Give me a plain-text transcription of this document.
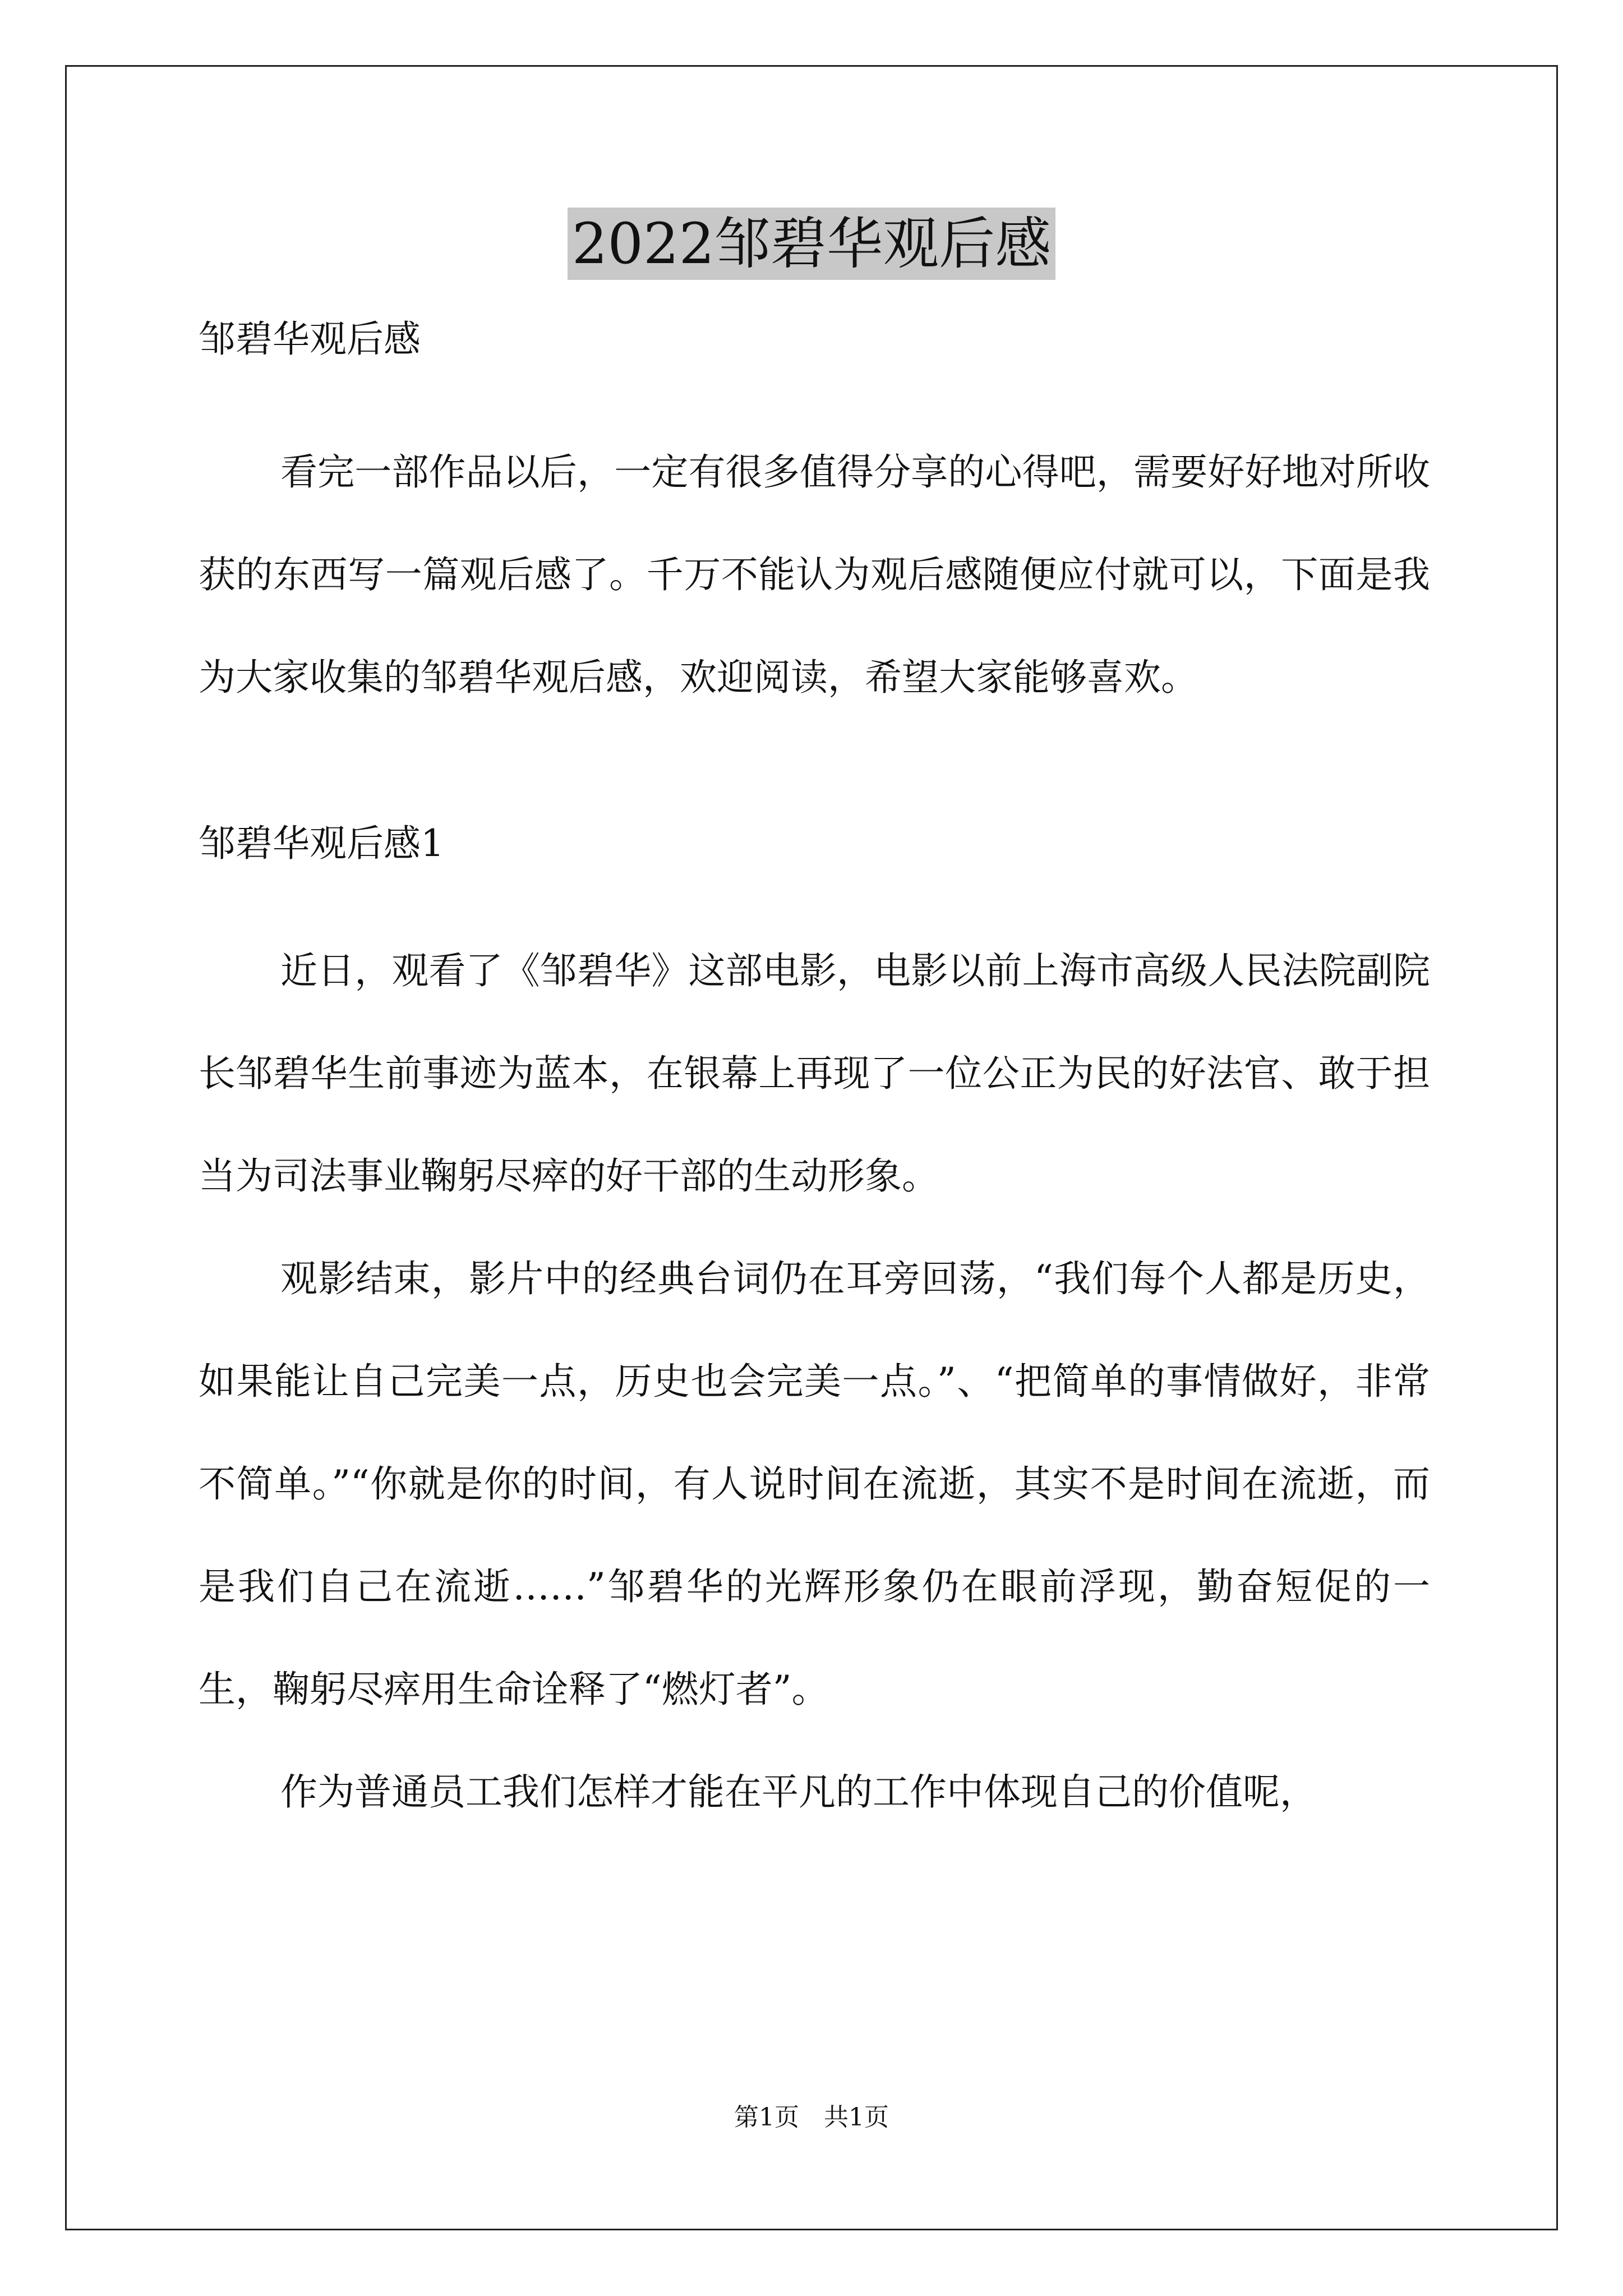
2022邹碧华观后感
邹碧华观后感

看完一部作品以后，一定有很多值得分享的心得吧，需要好好地对所收获的东西写一篇观后感了。千万不能认为观后感随便应付就可以，下面是我为大家收集的邹碧华观后感，欢迎阅读，希望大家能够喜欢。

邹碧华观后感1

近日，观看了《邹碧华》这部电影，电影以前上海市高级人民法院副院长邹碧华生前事迹为蓝本，在银幕上再现了一位公正为民的好法官、敢于担当为司法事业鞠躬尽瘁的好干部的生动形象。

观影结束，影片中的经典台词仍在耳旁回荡，“我们每个人都是历史，如果能让自己完美一点，历史也会完美一点。”、“把简单的事情做好，非常不简单。”“你就是你的时间，有人说时间在流逝，其实不是时间在流逝，而是我们自己在流逝……”邹碧华的光辉形象仍在眼前浮现，勤奋短促的一生，鞠躬尽瘁用生命诠释了“燃灯者”。

作为普通员工我们怎样才能在平凡的工作中体现自己的价值呢，

第1页　共1页
